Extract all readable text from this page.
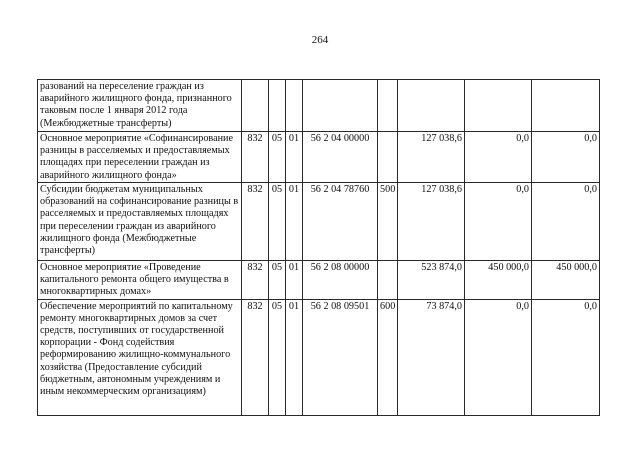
264
разований на переселение граждан из аварийного жилищного фонда, признанного таковым после 1 января 2012 года (Межбюджетные трансферты)								
Основное мероприятие «Софинансирование разницы в расселяемых и предоставляемых площадях при переселении граждан из аварийного жилищного фонда»	832	05	01	56 2 04 00000		127 038,6	0,0	0,0
Субсидии бюджетам муниципальных образований на софинансирование разницы в расселяемых и предоставляемых площадях при переселении граждан из аварийного жилищного фонда (Межбюджетные трансферты)	832	05	01	56 2 04 78760	500	127 038,6	0,0	0,0
Основное мероприятие «Проведение капитального ремонта общего имущества в многоквартирных домах»	832	05	01	56 2 08 00000		523 874,0	450 000,0	450 000,0
Обеспечение мероприятий по капитальному ремонту многоквартирных домов за счет средств, поступивших от государственной корпорации - Фонд содействия реформированию жилищно-коммунального хозяйства (Предоставление субсидий бюджетным, автономным учреждениям и иным некоммерческим организациям)	832	05	01	56 2 08 09501	600	73 874,0	0,0	0,0
